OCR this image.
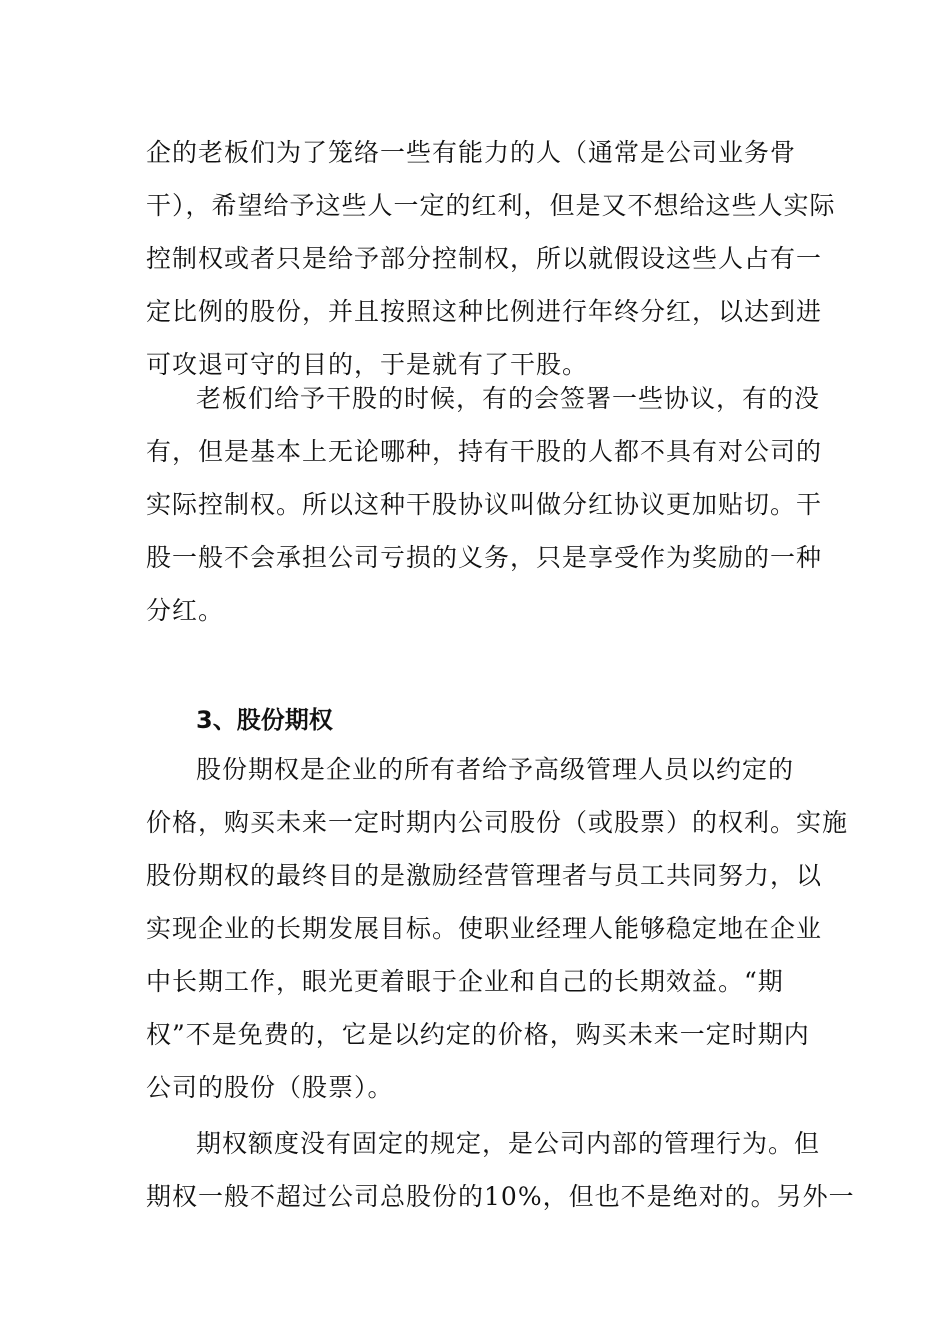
企的老板们为了笼络一些有能力的人（通常是公司业务骨
干），希望给予这些人一定的红利，但是又不想给这些人实际
控制权或者只是给予部分控制权，所以就假设这些人占有一
定比例的股份，并且按照这种比例进行年终分红，以达到进
可攻退可守的目的，于是就有了干股。
老板们给予干股的时候，有的会签署一些协议，有的没
有，但是基本上无论哪种，持有干股的人都不具有对公司的
实际控制权。所以这种干股协议叫做分红协议更加贴切。干
股一般不会承担公司亏损的义务，只是享受作为奖励的一种
分红。
3、股份期权
股份期权是企业的所有者给予高级管理人员以约定的
价格，购买未来一定时期内公司股份（或股票）的权利。实施
股份期权的最终目的是激励经营管理者与员工共同努力，以
实现企业的长期发展目标。使职业经理人能够稳定地在企业
中长期工作，眼光更着眼于企业和自己的长期效益。“期
权”不是免费的，它是以约定的价格，购买未来一定时期内
公司的股份（股票）。
期权额度没有固定的规定，是公司内部的管理行为。但
期权一般不超过公司总股份的10%，但也不是绝对的。另外一
